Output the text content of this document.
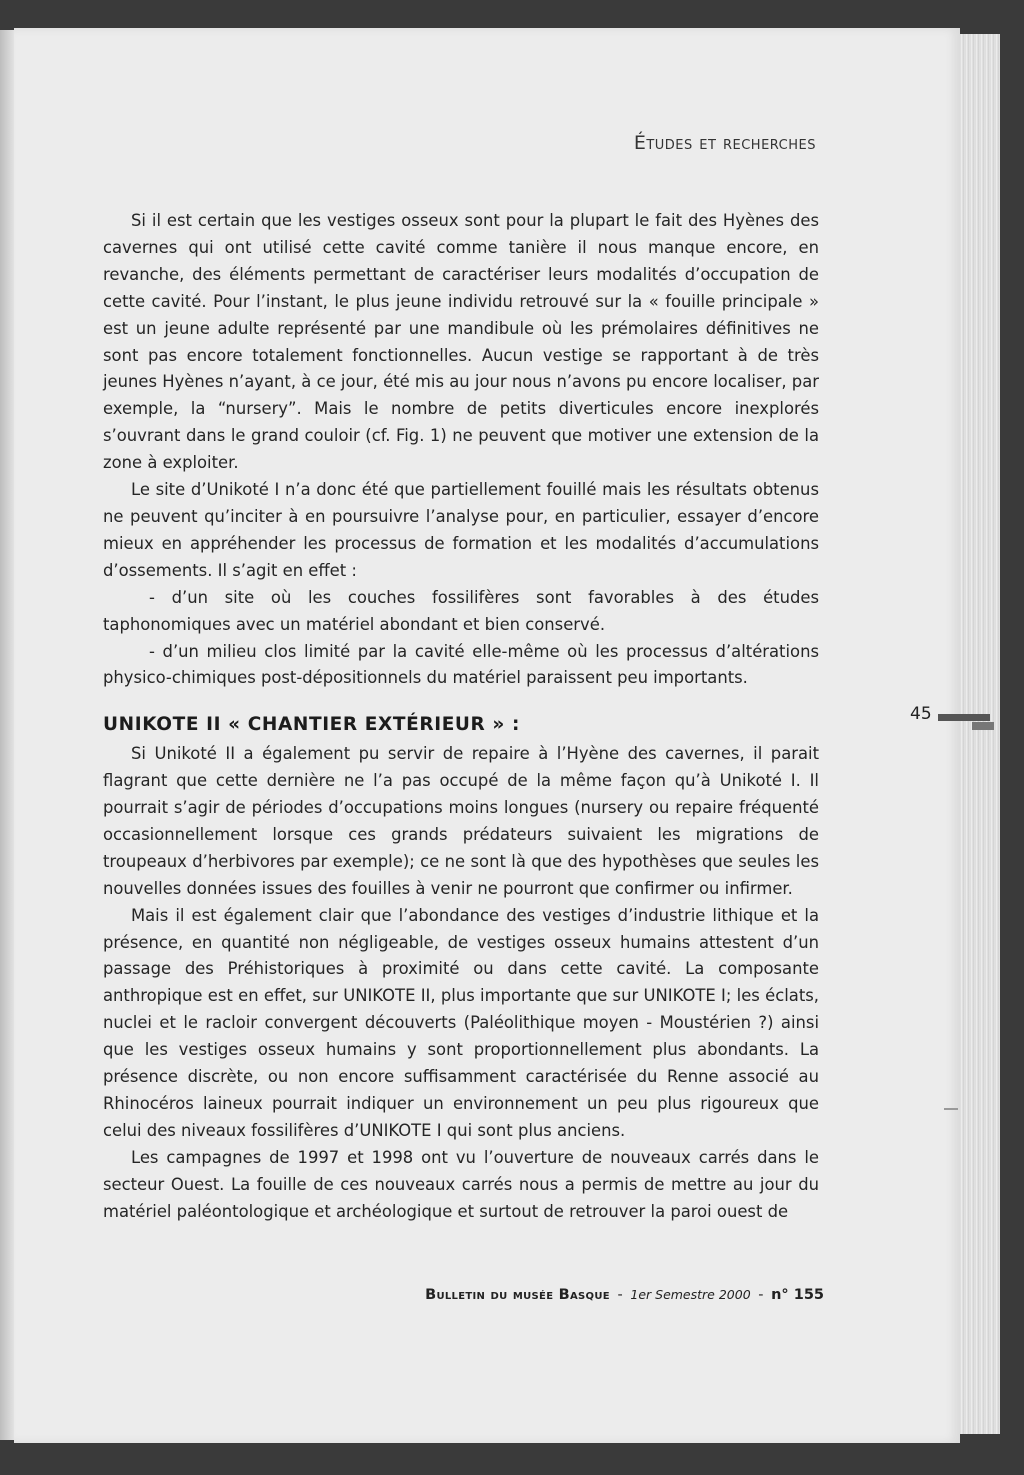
Études et recherches

Si il est certain que les vestiges osseux sont pour la plupart le fait des Hyènes des cavernes qui ont utilisé cette cavité comme tanière il nous manque encore, en revanche, des éléments permettant de caractériser leurs modalités d’occupation de cette cavité. Pour l’instant, le plus jeune individu retrouvé sur la « fouille principale » est un jeune adulte représenté par une mandibule où les prémolaires définitives ne sont pas encore totalement fonctionnelles. Aucun vestige se rapportant à de très jeunes Hyènes n’ayant, à ce jour, été mis au jour nous n’avons pu encore localiser, par exemple, la “nursery”. Mais le nombre de petits diverticules encore inexplorés s’ouvrant dans le grand couloir (cf. Fig. 1) ne peuvent que motiver une extension de la zone à exploiter.

Le site d’Unikoté I n’a donc été que partiellement fouillé mais les résultats obtenus ne peuvent qu’inciter à en poursuivre l’analyse pour, en particulier, essayer d’encore mieux en appréhender les processus de formation et les modalités d’accumulations d’ossements. Il s’agit en effet :

- d’un site où les couches fossilifères sont favorables à des études taphonomiques avec un matériel abondant et bien conservé.

- d’un milieu clos limité par la cavité elle-même où les processus d’altérations physico-chimiques post-dépositionnels du matériel paraissent peu importants.

UNIKOTE II « CHANTIER EXTÉRIEUR » :

Si Unikoté II a également pu servir de repaire à l’Hyène des cavernes, il parait flagrant que cette dernière ne l’a pas occupé de la même façon qu’à Unikoté I. Il pourrait s’agir de périodes d’occupations moins longues (nursery ou repaire fréquenté occasionnellement lorsque ces grands prédateurs suivaient les migrations de troupeaux d’herbivores par exemple); ce ne sont là que des hypothèses que seules les nouvelles données issues des fouilles à venir ne pourront que confirmer ou infirmer.

Mais il est également clair que l’abondance des vestiges d’industrie lithique et la présence, en quantité non négligeable, de vestiges osseux humains attestent d’un passage des Préhistoriques à proximité ou dans cette cavité. La composante anthropique est en effet, sur UNIKOTE II, plus importante que sur UNIKOTE I; les éclats, nuclei et le racloir convergent découverts (Paléolithique moyen - Moustérien ?) ainsi que les vestiges osseux humains y sont proportionnellement plus abondants. La présence discrète, ou non encore suffisamment caractérisée du Renne associé au Rhinocéros laineux pourrait indiquer un environnement un peu plus rigoureux que celui des niveaux fossilifères d’UNIKOTE I qui sont plus anciens.

Les campagnes de 1997 et 1998 ont vu l’ouverture de nouveaux carrés dans le secteur Ouest. La fouille de ces nouveaux carrés nous a permis de mettre au jour du matériel paléontologique et archéologique et surtout de retrouver la paroi ouest de

45
Bulletin du musée Basque - 1er Semestre 2000 - n° 155
